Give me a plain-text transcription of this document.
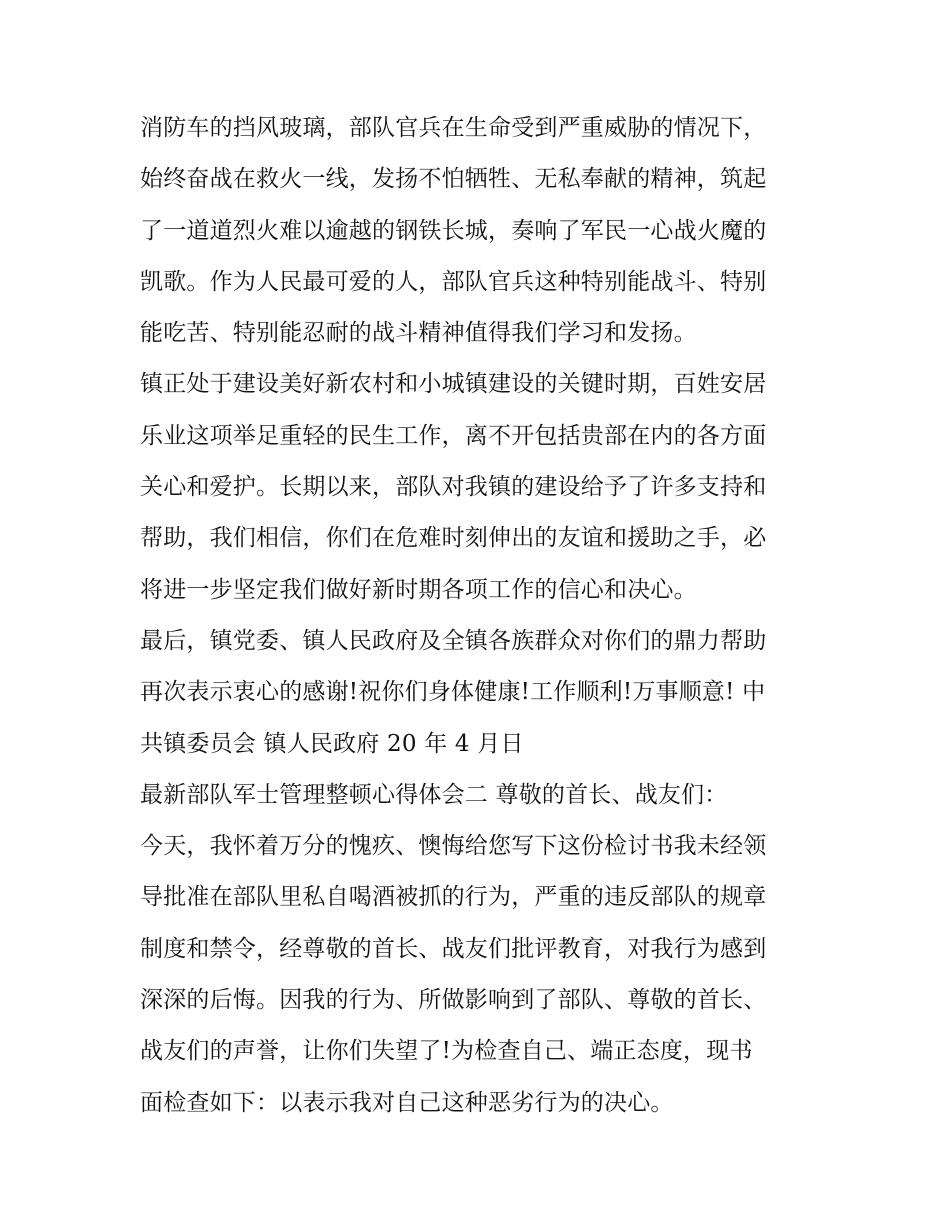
消防车的挡风玻璃，部队官兵在生命受到严重威胁的情况下，
始终奋战在救火一线，发扬不怕牺牲、无私奉献的精神，筑起
了一道道烈火难以逾越的钢铁长城，奏响了军民一心战火魔的
凯歌。作为人民最可爱的人，部队官兵这种特别能战斗、特别
能吃苦、特别能忍耐的战斗精神值得我们学习和发扬。
镇正处于建设美好新农村和小城镇建设的关键时期，百姓安居
乐业这项举足重轻的民生工作，离不开包括贵部在内的各方面
关心和爱护。长期以来，部队对我镇的建设给予了许多支持和
帮助，我们相信，你们在危难时刻伸出的友谊和援助之手，必
将进一步坚定我们做好新时期各项工作的信心和决心。
最后，镇党委、镇人民政府及全镇各族群众对你们的鼎力帮助
再次表示衷心的感谢!祝你们身体健康!工作顺利!万事顺意! 中
共镇委员会 镇人民政府 20 年 4 月日
最新部队军士管理整顿心得体会二 尊敬的首长、战友们：
今天，我怀着万分的愧疚、懊悔给您写下这份检讨书我未经领
导批准在部队里私自喝酒被抓的行为，严重的违反部队的规章
制度和禁令，经尊敬的首长、战友们批评教育，对我行为感到
深深的后悔。因我的行为、所做影响到了部队、尊敬的首长、
战友们的声誉，让你们失望了!为检查自己、端正态度，现书
面检查如下：以表示我对自己这种恶劣行为的决心。
